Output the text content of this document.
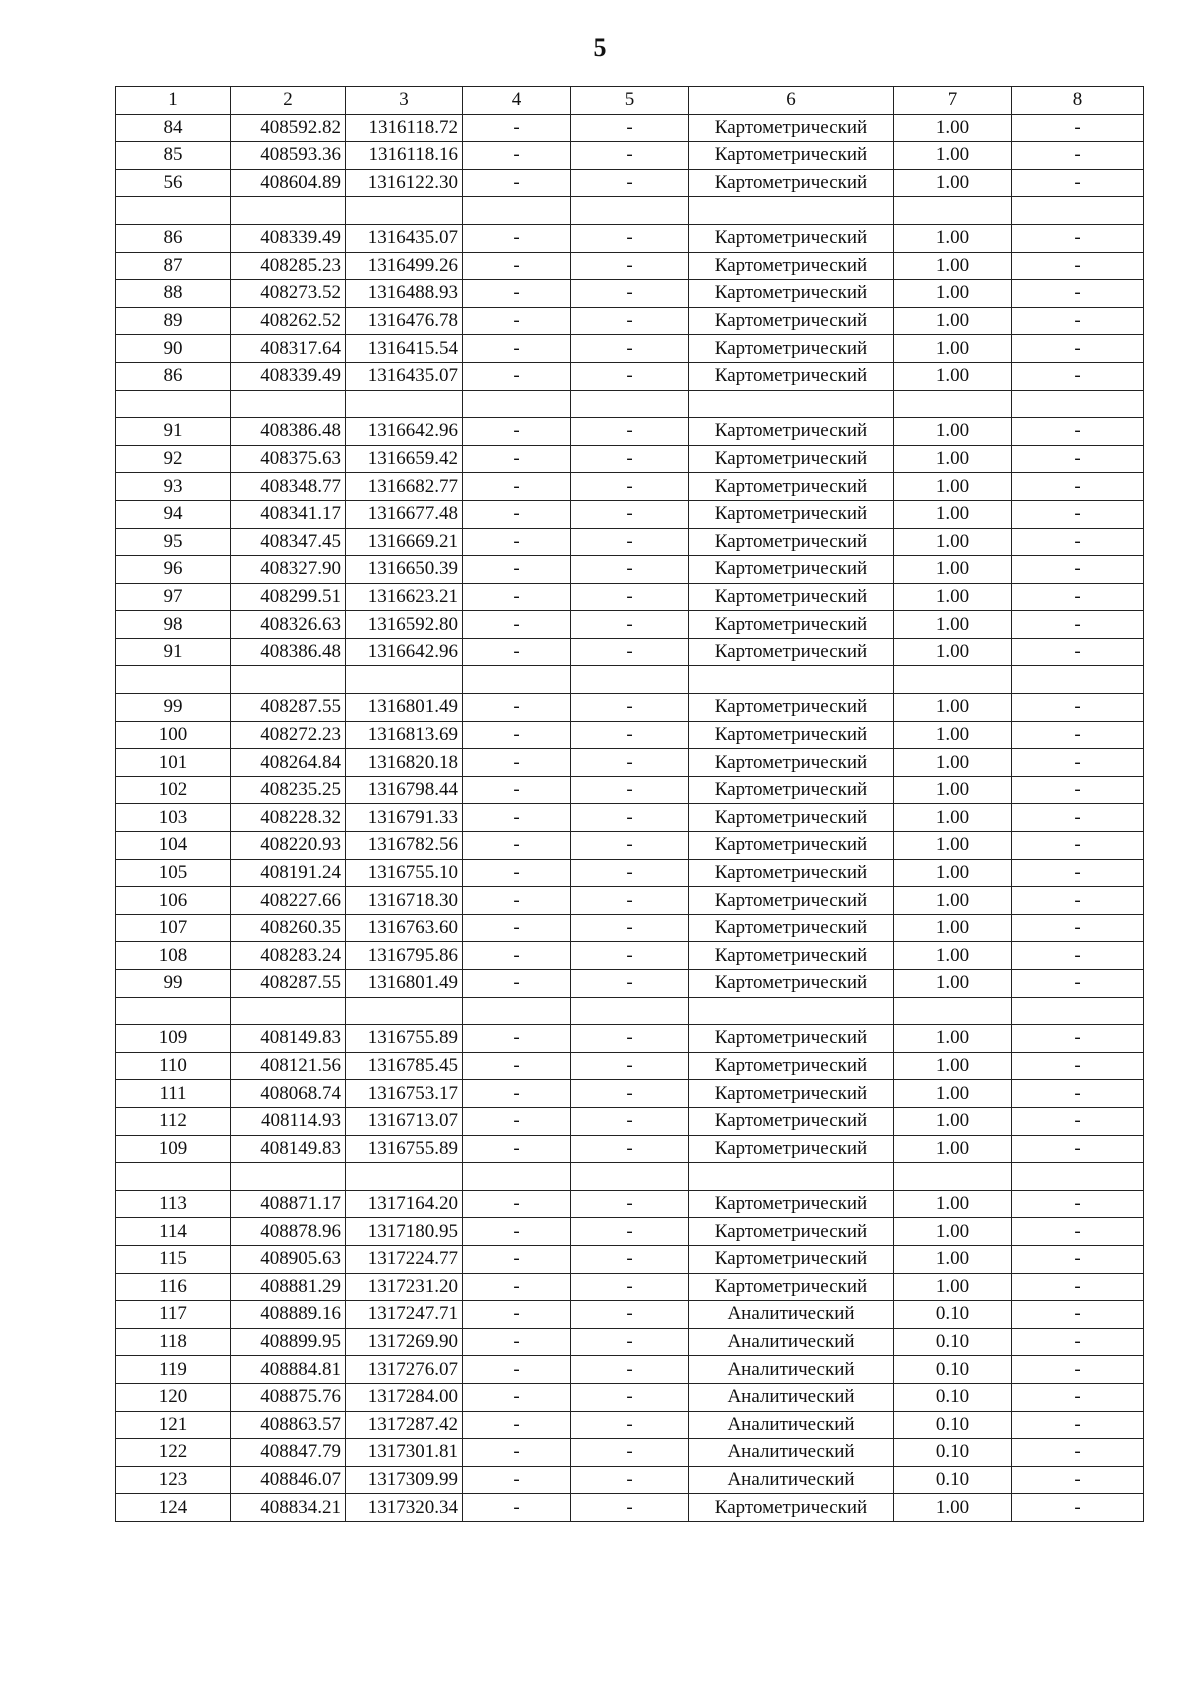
5
1	2	3	4	5	6	7	8
84	408592.82	1316118.72	-	-	Картометрический	1.00	-
85	408593.36	1316118.16	-	-	Картометрический	1.00	-
56	408604.89	1316122.30	-	-	Картометрический	1.00	-

86	408339.49	1316435.07	-	-	Картометрический	1.00	-
87	408285.23	1316499.26	-	-	Картометрический	1.00	-
88	408273.52	1316488.93	-	-	Картометрический	1.00	-
89	408262.52	1316476.78	-	-	Картометрический	1.00	-
90	408317.64	1316415.54	-	-	Картометрический	1.00	-
86	408339.49	1316435.07	-	-	Картометрический	1.00	-

91	408386.48	1316642.96	-	-	Картометрический	1.00	-
92	408375.63	1316659.42	-	-	Картометрический	1.00	-
93	408348.77	1316682.77	-	-	Картометрический	1.00	-
94	408341.17	1316677.48	-	-	Картометрический	1.00	-
95	408347.45	1316669.21	-	-	Картометрический	1.00	-
96	408327.90	1316650.39	-	-	Картометрический	1.00	-
97	408299.51	1316623.21	-	-	Картометрический	1.00	-
98	408326.63	1316592.80	-	-	Картометрический	1.00	-
91	408386.48	1316642.96	-	-	Картометрический	1.00	-

99	408287.55	1316801.49	-	-	Картометрический	1.00	-
100	408272.23	1316813.69	-	-	Картометрический	1.00	-
101	408264.84	1316820.18	-	-	Картометрический	1.00	-
102	408235.25	1316798.44	-	-	Картометрический	1.00	-
103	408228.32	1316791.33	-	-	Картометрический	1.00	-
104	408220.93	1316782.56	-	-	Картометрический	1.00	-
105	408191.24	1316755.10	-	-	Картометрический	1.00	-
106	408227.66	1316718.30	-	-	Картометрический	1.00	-
107	408260.35	1316763.60	-	-	Картометрический	1.00	-
108	408283.24	1316795.86	-	-	Картометрический	1.00	-
99	408287.55	1316801.49	-	-	Картометрический	1.00	-

109	408149.83	1316755.89	-	-	Картометрический	1.00	-
110	408121.56	1316785.45	-	-	Картометрический	1.00	-
111	408068.74	1316753.17	-	-	Картометрический	1.00	-
112	408114.93	1316713.07	-	-	Картометрический	1.00	-
109	408149.83	1316755.89	-	-	Картометрический	1.00	-

113	408871.17	1317164.20	-	-	Картометрический	1.00	-
114	408878.96	1317180.95	-	-	Картометрический	1.00	-
115	408905.63	1317224.77	-	-	Картометрический	1.00	-
116	408881.29	1317231.20	-	-	Картометрический	1.00	-
117	408889.16	1317247.71	-	-	Аналитический	0.10	-
118	408899.95	1317269.90	-	-	Аналитический	0.10	-
119	408884.81	1317276.07	-	-	Аналитический	0.10	-
120	408875.76	1317284.00	-	-	Аналитический	0.10	-
121	408863.57	1317287.42	-	-	Аналитический	0.10	-
122	408847.79	1317301.81	-	-	Аналитический	0.10	-
123	408846.07	1317309.99	-	-	Аналитический	0.10	-
124	408834.21	1317320.34	-	-	Картометрический	1.00	-
